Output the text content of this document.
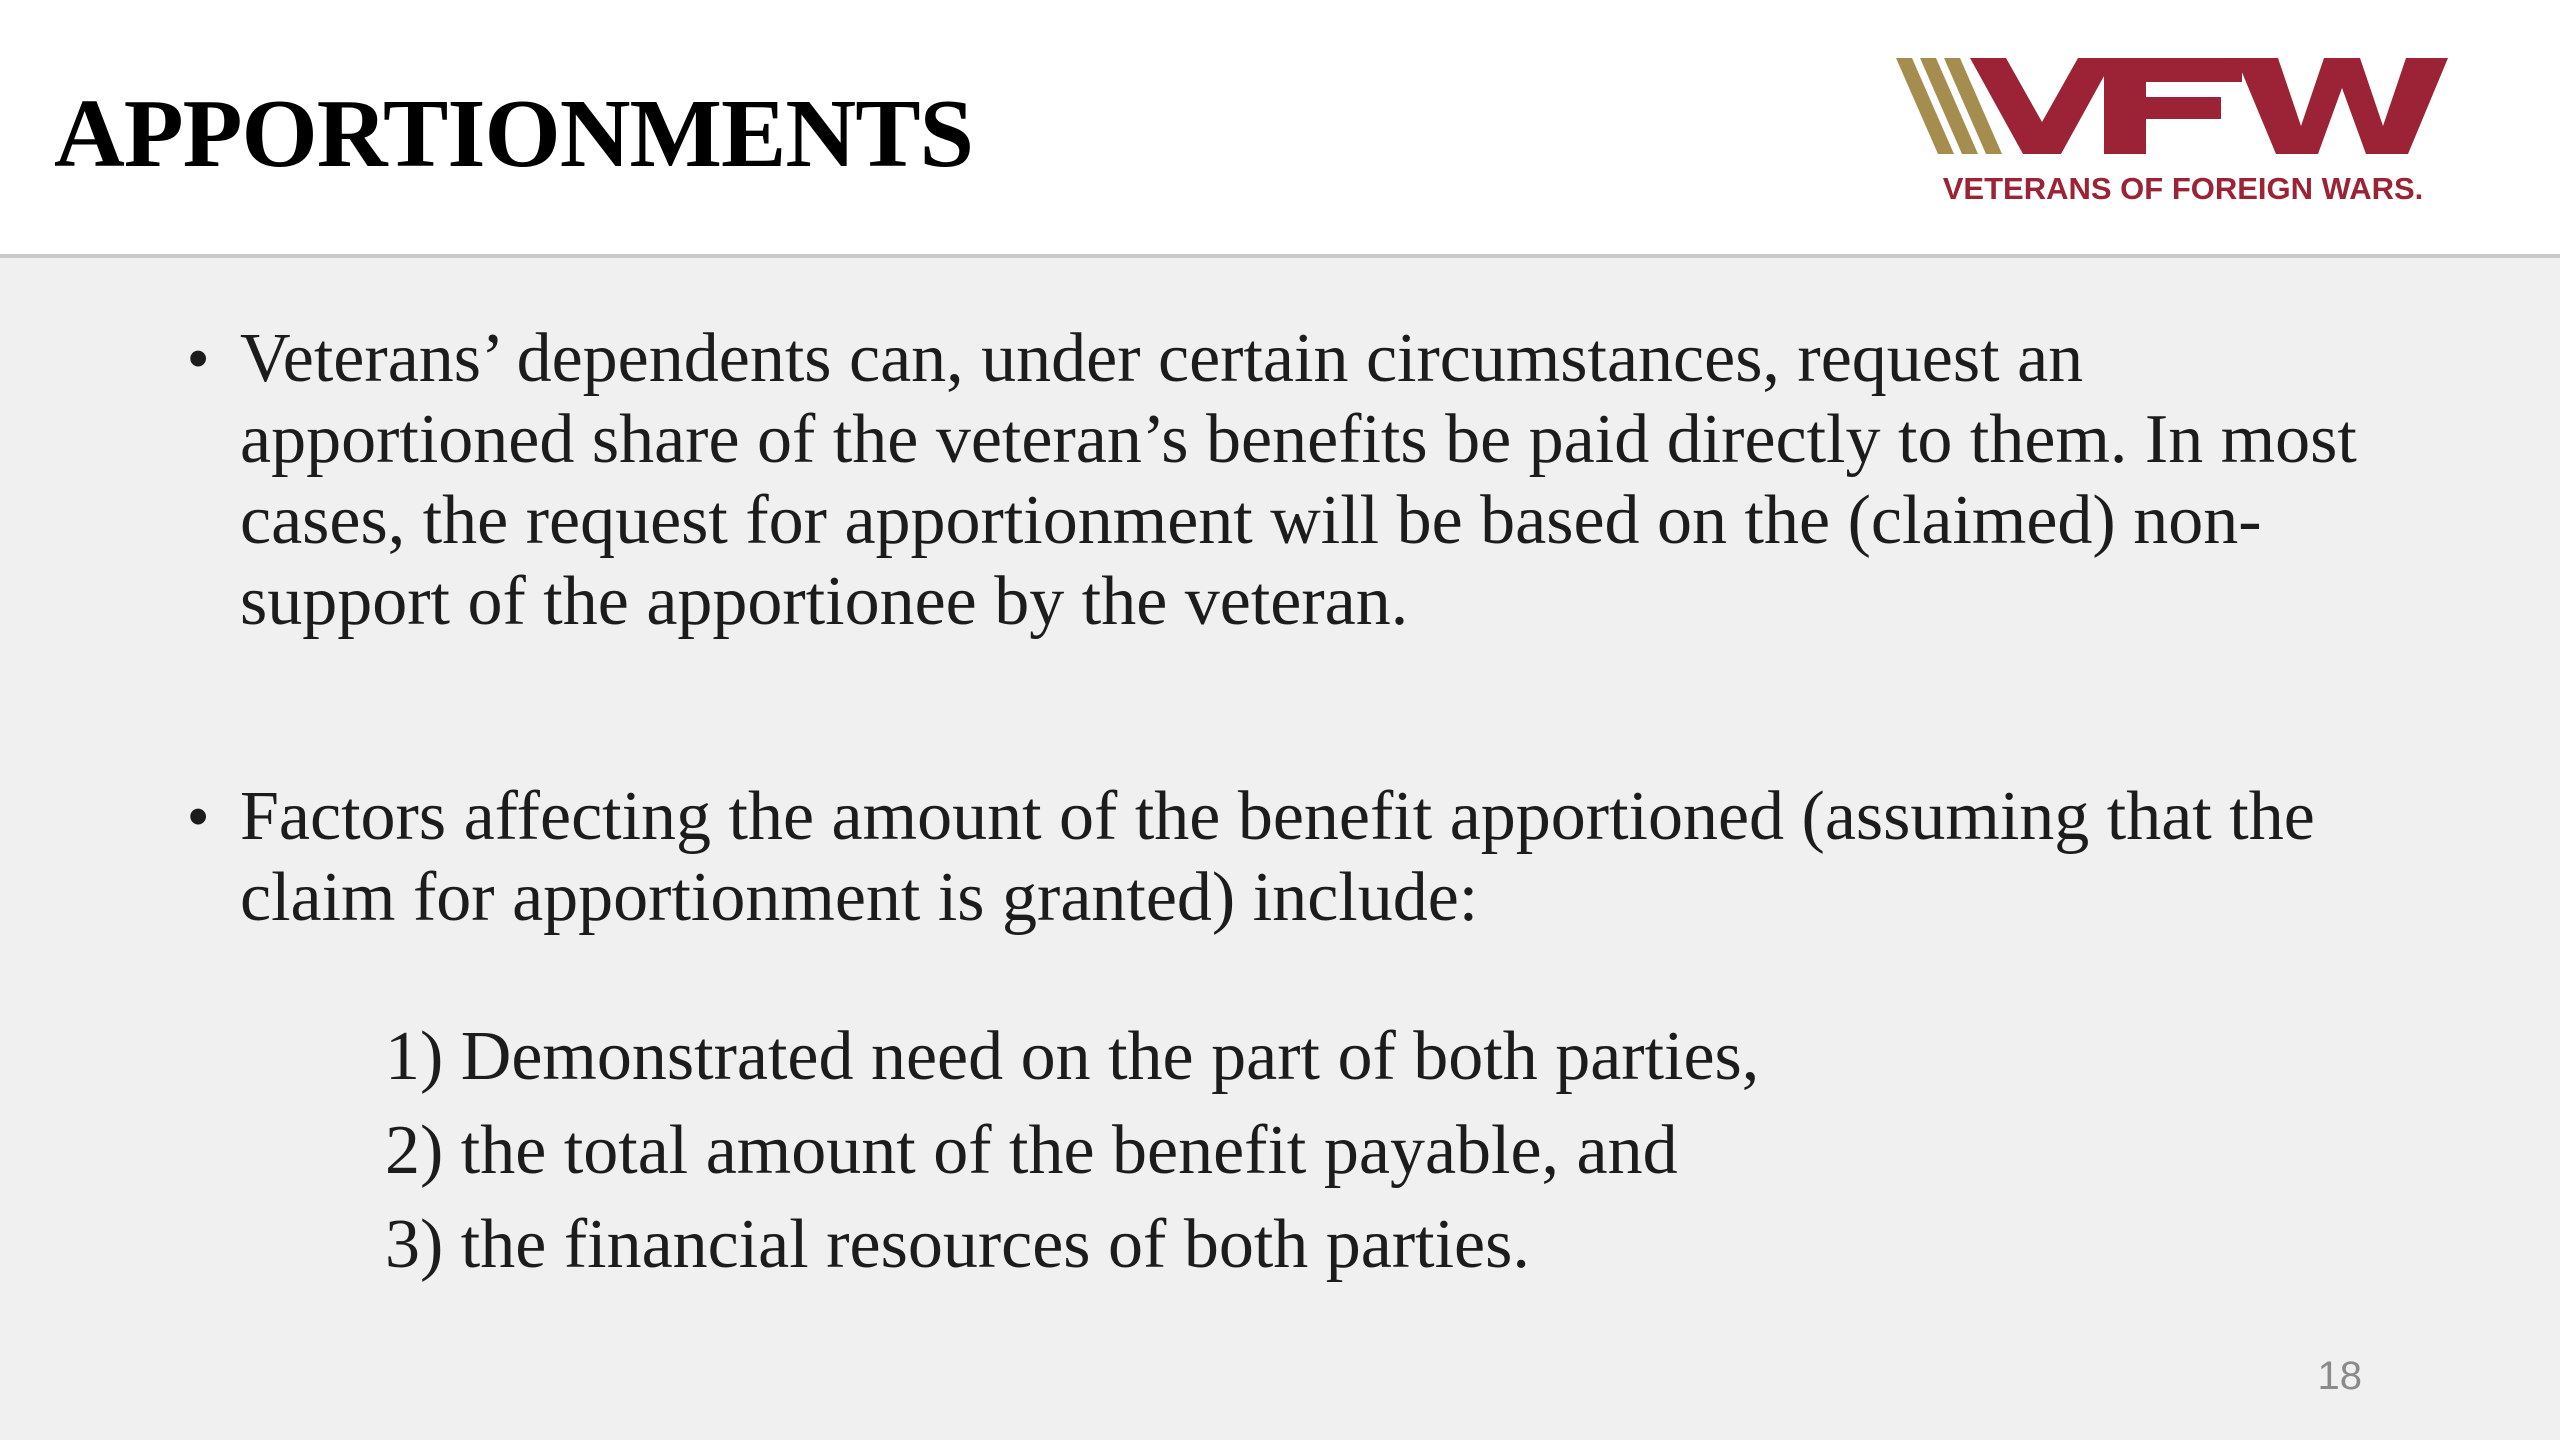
APPORTIONMENTS
VETERANS OF FOREIGN WARS.
• Veterans’ dependents can, under certain circumstances, request an apportioned share of the veteran’s benefits be paid directly to them. In most cases, the request for apportionment will be based on the (claimed) non-support of the apportionee by the veteran.
• Factors affecting the amount of the benefit apportioned (assuming that the claim for apportionment is granted) include:
1) Demonstrated need on the part of both parties,
2) the total amount of the benefit payable, and
3) the financial resources of both parties.
18
